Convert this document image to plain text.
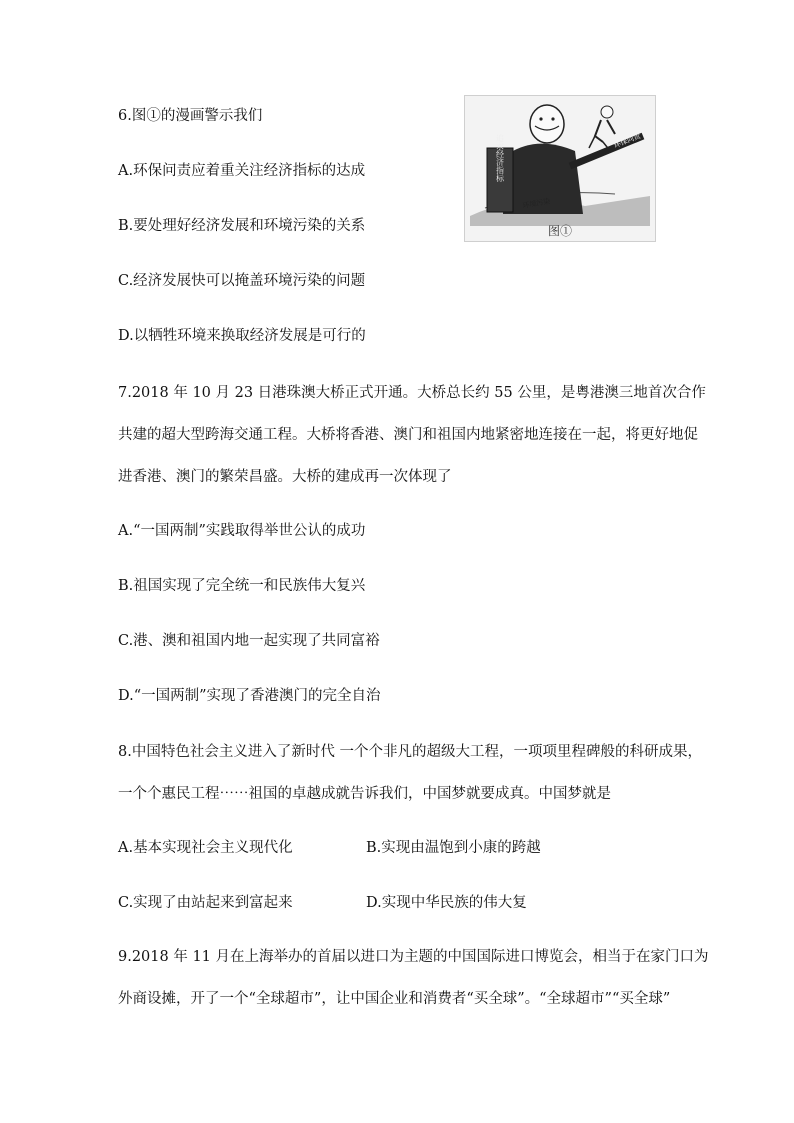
6.图①的漫画警示我们
A.环保问责应着重关注经济指标的达成
B.要处理好经济发展和环境污染的关系
C.经济发展快可以掩盖环境污染的问题
D.以牺牲环境来换取经济发展是可行的
追求经济指标	环保问责
环境污染
图①
7.2018 年 10 月 23 日港珠澳大桥正式开通。大桥总长约 55 公里，是粤港澳三地首次合作
共建的超大型跨海交通工程。大桥将香港、澳门和祖国内地紧密地连接在一起，将更好地促
进香港、澳门的繁荣昌盛。大桥的建成再一次体现了
A.“一国两制”实践取得举世公认的成功
B.祖国实现了完全统一和民族伟大复兴
C.港、澳和祖国内地一起实现了共同富裕
D.“一国两制”实现了香港澳门的完全自治
8.中国特色社会主义进入了新时代 一个个非凡的超级大工程，一项项里程碑般的科研成果，
一个个惠民工程⋯⋯祖国的卓越成就告诉我们，中国梦就要成真。中国梦就是
A.基本实现社会主义现代化	B.实现由温饱到小康的跨越
C.实现了由站起来到富起来	D.实现中华民族的伟大复
9.2018 年 11 月在上海举办的首届以进口为主题的中国国际进口博览会，相当于在家门口为
外商设摊，开了一个“全球超市”，让中国企业和消费者“买全球”。“全球超市”“买全球”
